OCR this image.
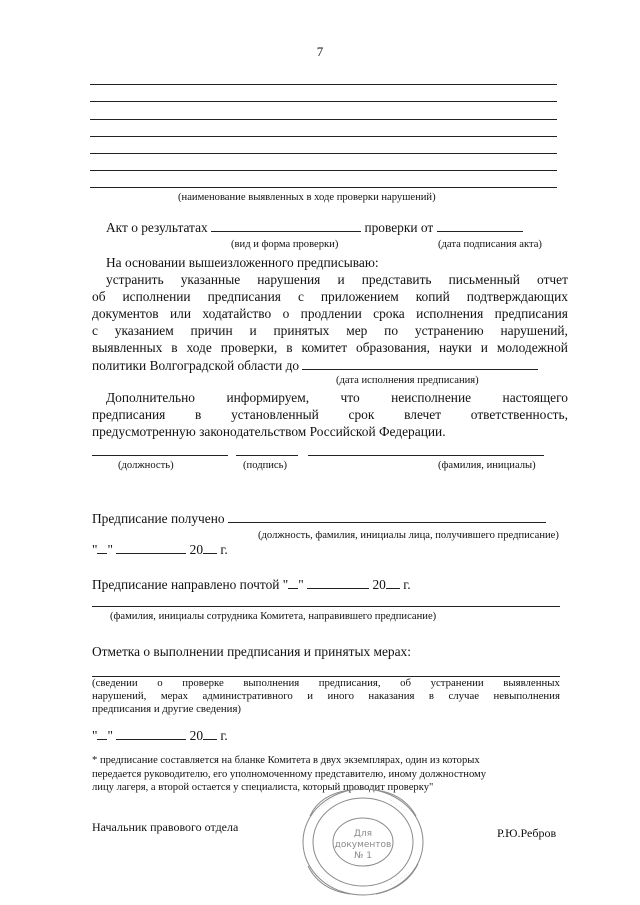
7
(наименование выявленных в ходе проверки нарушений)
Акт о результатах	проверки от
(вид и форма проверки)	(дата подписания акта)
На основании вышеизложенного предписываю:
устранить указанные нарушения и представить письменный отчет
об исполнении предписания с приложением копий подтверждающих
документов или ходатайство о продлении срока исполнения предписания
с указанием причин и принятых мер по устранению нарушений,
выявленных в ходе проверки, в комитет образования, науки и молодежной
политики Волгоградской области до
(дата исполнения предписания)
Дополнительно информируем, что неисполнение настоящего
предписания в установленный срок влечет ответственность,
предусмотренную законодательством Российской Федерации.
(должность)	(подпись)	(фамилия, инициалы)
Предписание получено
(должность, фамилия, инициалы лица, получившего предписание)
" "	20 г.
Предписание направлено почтой " "	20 г.
(фамилия, инициалы сотрудника Комитета, направившего предписание)
Отметка о выполнении предписания и принятых мерах:
(сведении о проверке выполнения предписания, об устранении выявленных
нарушений, мерах административного и иного наказания в случае невыполнения
предписания и другие сведения)
" "	20 г.
* предписание составляется на бланке Комитета в двух экземплярах, один из которых
передается руководителю, его уполномоченному представителю, иному должностному
лицу лагеря, а второй остается у специалиста, который проводит проверку"
Начальник правового отдела	Р.Ю.Ребров
· · · · · · · · ·	· · · · · · · · ·
· · · · · · · · ·	· · · · · · · · ·
Для
документов
№ 1
